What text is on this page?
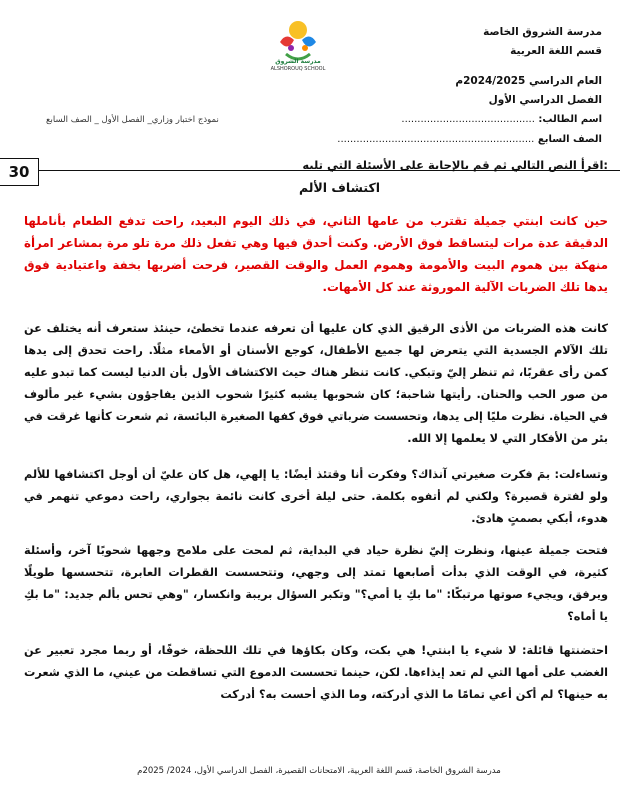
مدرسة الشروق الخاصة
قسم اللغة العربية
العام الدراسي 2024/2025م
الفصل الدراسي الأول
مدرسة الشروق
ALSHOROUQ SCHOOL
اسم الطالب: ..........................................
نموذج اختبار وزاري_ الفصل الأول _ الصف السابع
الصف السابع ..............................................................
30	:اقرأ النص التالي ثم قم بالإجابة على الأسئلة التي تليه
اكتشاف الألم
حين كانت ابنتي جميلة تقترب من عامها الثاني، في ذلك اليوم البعيد، راحت تدفع الطعام بأناملها الدقيقة عدة مرات ليتساقط فوق الأرض. وكنت أحدق فيها وهي تفعل ذلك مرة تلو مرة بمشاعر امرأة منهكة بين هموم البيت والأمومة وهموم العمل والوقت القصير، فرحت أضربها بخفة واعتيادية فوق يدها تلك الضربات الآلية الموروثة عند كل الأمهات.
كانت هذه الضربات من الأذى الرقيق الذي كان عليها أن تعرفه عندما تخطئ، حينئذ ستعرف أنه يختلف عن تلك الآلام الجسدية التي يتعرض لها جميع الأطفال، كوجع الأسنان أو الأمعاء مثلًا. راحت تحدق إلى يدها كمن رأى عقربًا، ثم تنظر إليّ وتبكي. كانت تنظر هناك حيث الاكتشاف الأول بأن الدنيا ليست كما تبدو عليه من صور الحب والحنان. رأيتها شاحبة؛ كان شحوبها يشبه كثيرًا شحوب الذين يفاجؤون بشيء غير مألوف في الحياة. نظرت مليًا إلى يدها، وتحسست ضرباتي فوق كفها الصغيرة البائسة، ثم شعرت كأنها غرقت في بئر من الأفكار التي لا يعلمها إلا الله.
وتساءلت: بمَ فكرت صغيرتي آنذاك؟ وفكرت أنا وقتئذ أيضًا: يا إلهي، هل كان عليّ أن أوجل اكتشافها للألم ولو لفترة قصيرة؟ ولكني لم أتفوه بكلمة. حتى ليلة أخرى كانت نائمة بجواري، راحت دموعي تنهمر في هدوء، أبكي بصمتٍ هادئ.
فتحت جميلة عينها، ونظرت إليّ نظرة حياد في البداية، ثم لمحت على ملامح وجهها شحوبًا آخر، وأسئلة كثيرة، في الوقت الذي بدأت أصابعها تمتد إلى وجهي، وتتحسست القطرات العابرة، تتحسسها طويلًا ويرفق، ويجيء صوتها مرتبكًا: "ما بكِ يا أمي؟" وتكبر السؤال بريبة وانكسار، "وهي تحس بألم جديد: "ما بكِ يا أماه؟
احتضنتها قائلة: لا شيء يا ابنتي! هي بكت، وكان بكاؤها في تلك اللحظة، خوفًا، أو ربما مجرد تعبير عن الغضب على أمها التي لم تعد إيذاءها. لكن، حينما تحسست الدموع التي تساقطت من عيني، ما الذي شعرت به حينها؟ لم أكن أعي تمامًا ما الذي أدركته، وما الذي أحست به؟ أدركت
مدرسة الشروق الخاصة، قسم اللغة العربية، الامتحانات القصيرة، الفصل الدراسي الأول، 2024/ 2025م
